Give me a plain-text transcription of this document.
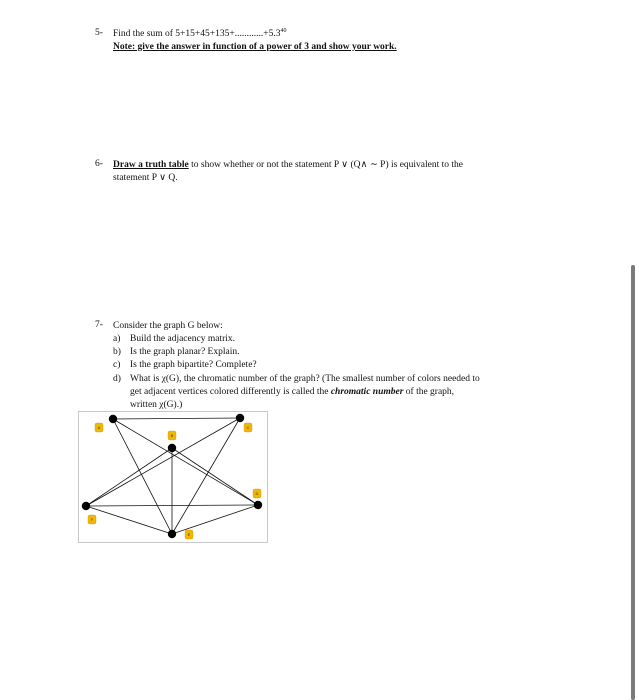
5- Find the sum of $5+15+45+135+............+5.3^{40}$
Note: give the answer in function of a power of 3 and show your work.
6- Draw a truth table to show whether or not the statement P ∨ (Q∧ ∼ P) is equivalent to the
statement P ∨ Q.
7- Consider the graph G below:
a) Build the adjacency matrix.
b) Is the graph planar? Explain.
c) Is the graph bipartite? Complete?
d) What is χ(G), the chromatic number of the graph? (The smallest number of colors needed to
get adjacent vertices colored differently is called the chromatic number of the graph,
written χ(G).)
A
B
C
D
E
F
